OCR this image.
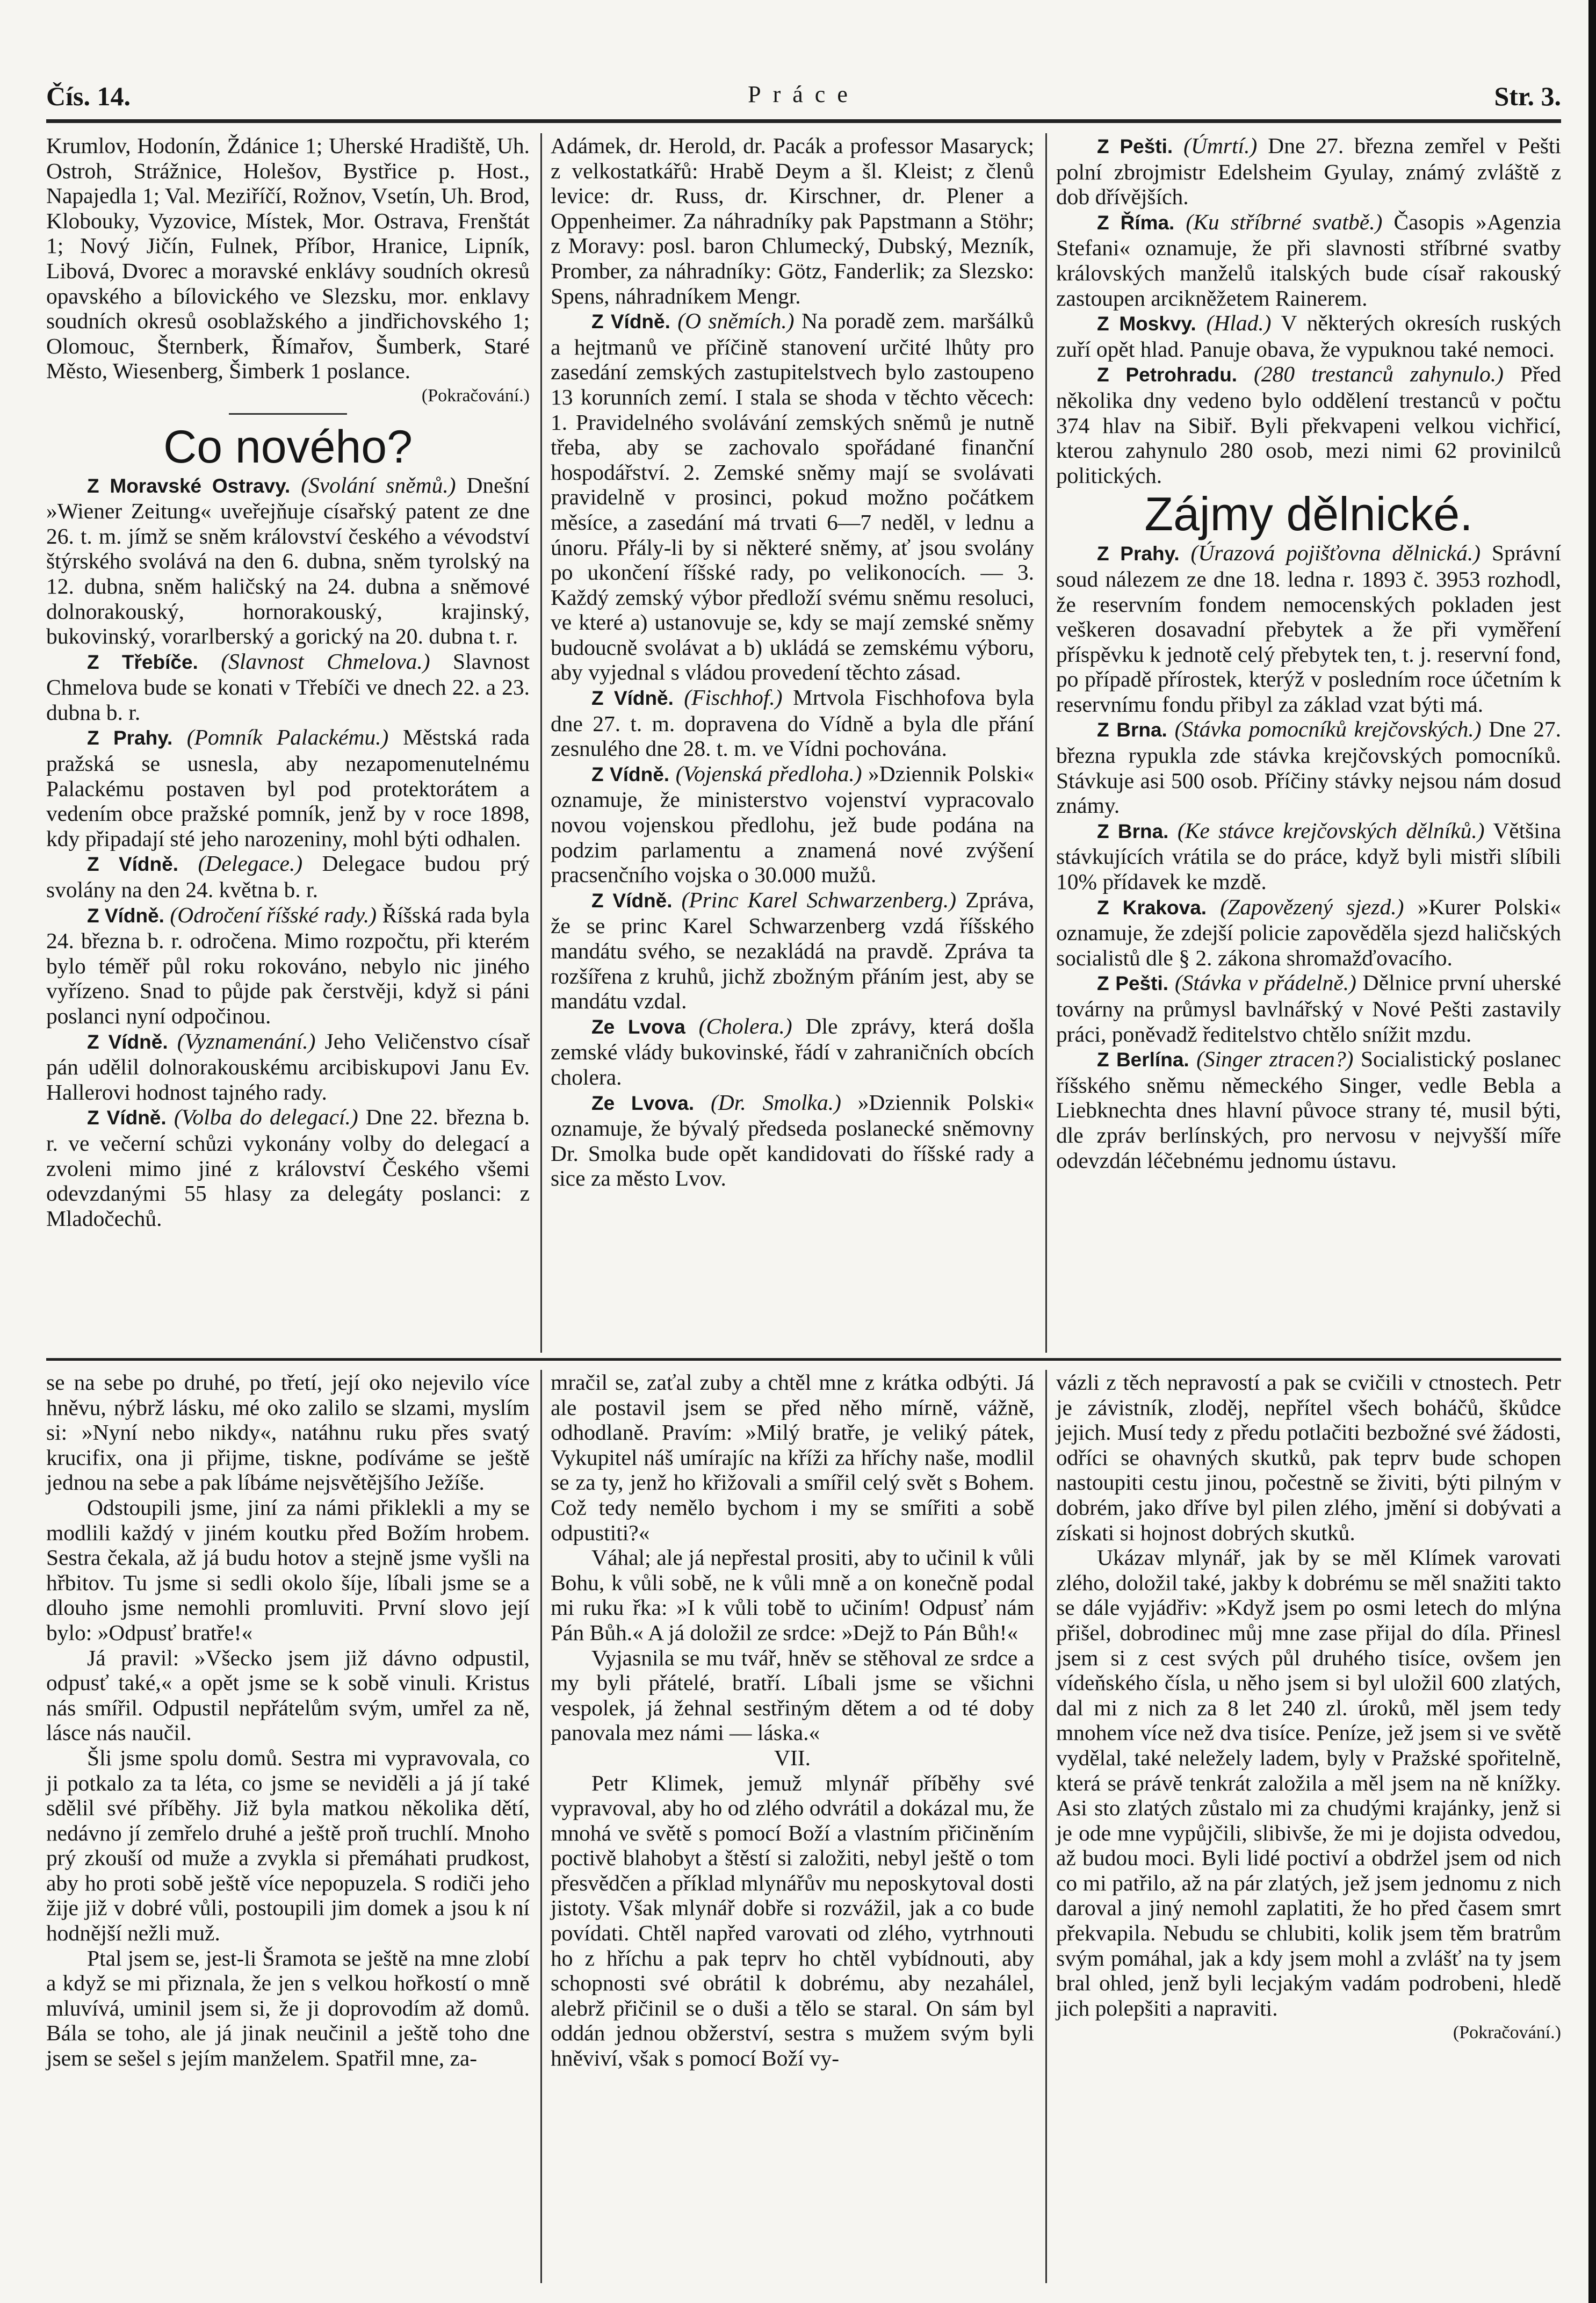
Čís. 14.	Práce	Str. 3.
Krumlov, Hodonín, Ždánice 1; Uherské Hradiště, Uh. Ostroh, Strážnice, Holešov, Bystřice p. Host., Napajedla 1; Val. Meziříčí, Rožnov, Vsetín, Uh. Brod, Klobouky, Vyzovice, Místek, Mor. Ostrava, Frenštát 1; Nový Jičín, Fulnek, Příbor, Hranice, Lipník, Libová, Dvorec a moravské enklávy soudních okresů opavského a bílovického ve Slezsku, mor. enklavy soudních okresů osoblažského a jindřichovského 1; Olomouc, Šternberk, Římařov, Šumberk, Staré Město, Wiesenberg, Šimberk 1 poslance.
(Pokračování.)
Co nového?
Z Moravské Ostravy. (Svolání sněmů.) Dnešní »Wiener Zeitung« uveřejňuje císařský patent ze dne 26. t. m. jímž se sněm království českého a vévodství štýrského svolává na den 6. dubna, sněm tyrolský na 12. dubna, sněm haličský na 24. dubna a sněmové dolnorakouský, hornorakouský, krajinský, bukovinský, vorarlberský a gorický na 20. dubna t. r.
Z Třebíče. (Slavnost Chmelova.) Slavnost Chmelova bude se konati v Třebíči ve dnech 22. a 23. dubna b. r.
Z Prahy. (Pomník Palackému.) Městská rada pražská se usnesla, aby nezapomenutelnému Palackému postaven byl pod protektorátem a vedením obce pražské pomník, jenž by v roce 1898, kdy připadají sté jeho narozeniny, mohl býti odhalen.
Z Vídně. (Delegace.) Delegace budou prý svolány na den 24. května b. r.
Z Vídně. (Odročení říšské rady.) Říšská rada byla 24. března b. r. odročena. Mimo rozpočtu, při kterém bylo téměř půl roku rokováno, nebylo nic jiného vyřízeno. Snad to půjde pak čerstvěji, když si páni poslanci nyní odpočinou.
Z Vídně. (Vyznamenání.) Jeho Veličenstvo císař pán udělil dolnorakouskému arcibiskupovi Janu Ev. Hallerovi hodnost tajného rady.
Z Vídně. (Volba do delegací.) Dne 22. března b. r. ve večerní schůzi vykonány volby do delegací a zvoleni mimo jiné z království Českého všemi odevzdanými 55 hlasy za delegáty poslanci: z Mladočechů.
Adámek, dr. Herold, dr. Pacák a professor Masaryck; z velkostatkářů: Hrabě Deym a šl. Kleist; z členů levice: dr. Russ, dr. Kirschner, dr. Plener a Oppenheimer. Za náhradníky pak Papstmann a Stöhr; z Moravy: posl. baron Chlumecký, Dubský, Mezník, Promber, za náhradníky: Götz, Fanderlik; za Slezsko: Spens, náhradníkem Mengr.
Z Vídně. (O sněmích.) Na poradě zem. maršálků a hejtmanů ve příčině stanovení určité lhůty pro zasedání zemských zastupitelstvech bylo zastoupeno 13 korunních zemí. I stala se shoda v těchto věcech: 1. Pravidelného svolávání zemských sněmů je nutně třeba, aby se zachovalo spořádané finanční hospodářství. 2. Zemské sněmy mají se svolávati pravidelně v prosinci, pokud možno počátkem měsíce, a zasedání má trvati 6—7 neděl, v lednu a únoru. Přály-li by si některé sněmy, ať jsou svolány po ukončení říšské rady, po velikonocích. — 3. Každý zemský výbor předloží svému sněmu resoluci, ve které a) ustanovuje se, kdy se mají zemské sněmy budoucně svolávat a b) ukládá se zemskému výboru, aby vyjednal s vládou provedení těchto zásad.
Z Vídně. (Fischhof.) Mrtvola Fischhofova byla dne 27. t. m. dopravena do Vídně a byla dle přání zesnulého dne 28. t. m. ve Vídni pochována.
Z Vídně. (Vojenská předloha.) »Dziennik Polski« oznamuje, že ministerstvo vojenství vypracovalo novou vojenskou předlohu, jež bude podána na podzim parlamentu a znamená nové zvýšení pracsenčního vojska o 30.000 mužů.
Z Vídně. (Princ Karel Schwarzenberg.) Zpráva, že se princ Karel Schwarzenberg vzdá říšského mandátu svého, se nezakládá na pravdě. Zpráva ta rozšířena z kruhů, jichž zbožným přáním jest, aby se mandátu vzdal.
Ze Lvova (Cholera.) Dle zprávy, která došla zemské vlády bukovinské, řádí v zahraničních obcích cholera.
Ze Lvova. (Dr. Smolka.) »Dziennik Polski« oznamuje, že bývalý předseda poslanecké sněmovny Dr. Smolka bude opět kandidovati do říšské rady a sice za město Lvov.
Z Pešti. (Úmrtí.) Dne 27. března zemřel v Pešti polní zbrojmistr Edelsheim Gyulay, známý zvláště z dob dřívějších.
Z Říma. (Ku stříbrné svatbě.) Časopis »Agenzia Stefani« oznamuje, že při slavnosti stříbrné svatby královských manželů italských bude císař rakouský zastoupen arcikněžetem Rainerem.
Z Moskvy. (Hlad.) V některých okresích ruských zuří opět hlad. Panuje obava, že vypuknou také nemoci.
Z Petrohradu. (280 trestanců zahynulo.) Před několika dny vedeno bylo oddělení trestanců v počtu 374 hlav na Sibiř. Byli překvapeni velkou vichřicí, kterou zahynulo 280 osob, mezi nimi 62 provinilců politických.
Zájmy dělnické.
Z Prahy. (Úrazová pojišťovna dělnická.) Správní soud nálezem ze dne 18. ledna r. 1893 č. 3953 rozhodl, že reservním fondem nemocenských pokladen jest veškeren dosavadní přebytek a že při vyměření příspěvku k jednotě celý přebytek ten, t. j. reservní fond, po případě přírostek, kterýž v posledním roce účetním k reservnímu fondu přibyl za základ vzat býti má.
Z Brna. (Stávka pomocníků krejčovských.) Dne 27. března rypukla zde stávka krejčovských pomocníků. Stávkuje asi 500 osob. Příčiny stávky nejsou nám dosud známy.
Z Brna. (Ke stávce krejčovských dělníků.) Většina stávkujících vrátila se do práce, když byli mistři slíbili 10% přídavek ke mzdě.
Z Krakova. (Zapovězený sjezd.) »Kurer Polski« oznamuje, že zdejší policie zapověděla sjezd haličských socialistů dle § 2. zákona shromažďovacího.
Z Pešti. (Stávka v přádelně.) Dělnice první uherské továrny na průmysl bavlnářský v Nové Pešti zastavily práci, poněvadž ředitelstvo chtělo snížit mzdu.
Z Berlína. (Singer ztracen?) Socialistický poslanec říšského sněmu německého Singer, vedle Bebla a Liebknechta dnes hlavní půvoce strany té, musil býti, dle zpráv berlínských, pro nervosu v nejvyšší míře odevzdán léčebnému jednomu ústavu.
se na sebe po druhé, po třetí, její oko nejevilo více hněvu, nýbrž lásku, mé oko zalilo se slzami, myslím si: »Nyní nebo nikdy«, natáhnu ruku přes svatý krucifix, ona ji přijme, tiskne, podíváme se ještě jednou na sebe a pak líbáme nejsvětějšího Ježíše.
Odstoupili jsme, jiní za námi přiklekli a my se modlili každý v jiném koutku před Božím hrobem. Sestra čekala, až já budu hotov a stejně jsme vyšli na hřbitov. Tu jsme si sedli okolo šíje, líbali jsme se a dlouho jsme nemohli promluviti. První slovo její bylo: »Odpusť bratře!«
Já pravil: »Všecko jsem již dávno odpustil, odpusť také,« a opět jsme se k sobě vinuli. Kristus nás smířil. Odpustil nepřátelům svým, umřel za ně, lásce nás naučil.
Šli jsme spolu domů. Sestra mi vypravovala, co ji potkalo za ta léta, co jsme se neviděli a já jí také sdělil své příběhy. Již byla matkou několika dětí, nedávno jí zemřelo druhé a ještě proň truchlí. Mnoho prý zkouší od muže a zvykla si přemáhati prudkost, aby ho proti sobě ještě více nepopuzela. S rodiči jeho žije již v dobré vůli, postoupili jim domek a jsou k ní hodnější nežli muž.
Ptal jsem se, jest-li Šramota se ještě na mne zlobí a když se mi přiznala, že jen s velkou hořkostí o mně mluvívá, uminil jsem si, že ji doprovodím až domů. Bála se toho, ale já jinak neučinil a ještě toho dne jsem se sešel s jejím manželem. Spatřil mne, za-
mračil se, zaťal zuby a chtěl mne z krátka odbýti. Já ale postavil jsem se před něho mírně, vážně, odhodlaně. Pravím: »Milý bratře, je veliký pátek, Vykupitel náš umírajíc na kříži za hříchy naše, modlil se za ty, jenž ho křižovali a smířil celý svět s Bohem. Což tedy nemělo bychom i my se smířiti a sobě odpustiti?«
Váhal; ale já nepřestal prositi, aby to učinil k vůli Bohu, k vůli sobě, ne k vůli mně a on konečně podal mi ruku řka: »I k vůli tobě to učiním! Odpusť nám Pán Bůh.« A já doložil ze srdce: »Dejž to Pán Bůh!«
Vyjasnila se mu tvář, hněv se stěhoval ze srdce a my byli přátelé, bratří. Líbali jsme se všichni vespolek, já žehnal sestřiným dětem a od té doby panovala mez námi — láska.«
VII.
Petr Klimek, jemuž mlynář příběhy své vypravoval, aby ho od zlého odvrátil a dokázal mu, že mnohá ve světě s pomocí Boží a vlastním přičiněním poctivě blahobyt a štěstí si založiti, nebyl ještě o tom přesvědčen a příklad mlynářův mu neposkytoval dosti jistoty. Však mlynář dobře si rozvážil, jak a co bude povídati. Chtěl napřed varovati od zlého, vytrhnouti ho z hříchu a pak teprv ho chtěl vybídnouti, aby schopnosti své obrátil k dobrému, aby nezahálel, alebrž přičinil se o duši a tělo se staral. On sám byl oddán jednou obžerství, sestra s mužem svým byli hněviví, však s pomocí Boží vy-
vázli z těch nepravostí a pak se cvičili v ctnostech. Petr je závistník, zloděj, nepřítel všech boháčů, škůdce jejich. Musí tedy z předu potlačiti bezbožné své žádosti, odříci se ohavných skutků, pak teprv bude schopen nastoupiti cestu jinou, počestně se živiti, býti pilným v dobrém, jako dříve byl pilen zlého, jmění si dobývati a získati si hojnost dobrých skutků.
Ukázav mlynář, jak by se měl Klímek varovati zlého, doložil také, jakby k dobrému se měl snažiti takto se dále vyjádřiv: »Když jsem po osmi letech do mlýna přišel, dobrodinec můj mne zase přijal do díla. Přinesl jsem si z cest svých půl druhého tisíce, ovšem jen vídeňského čísla, u něho jsem si byl uložil 600 zlatých, dal mi z nich za 8 let 240 zl. úroků, měl jsem tedy mnohem více než dva tisíce. Peníze, jež jsem si ve světě vydělal, také neležely ladem, byly v Pražské spořitelně, která se právě tenkrát založila a měl jsem na ně knížky. Asi sto zlatých zůstalo mi za chudými krajánky, jenž si je ode mne vypůjčili, slibivše, že mi je dojista odvedou, až budou moci. Byli lidé poctiví a obdržel jsem od nich co mi patřilo, až na pár zlatých, jež jsem jednomu z nich daroval a jiný nemohl zaplatiti, že ho před časem smrt překvapila. Nebudu se chlubiti, kolik jsem těm bratrům svým pomáhal, jak a kdy jsem mohl a zvlášť na ty jsem bral ohled, jenž byli lecjakým vadám podrobeni, hledě jich polepšiti a napraviti.
(Pokračování.)
